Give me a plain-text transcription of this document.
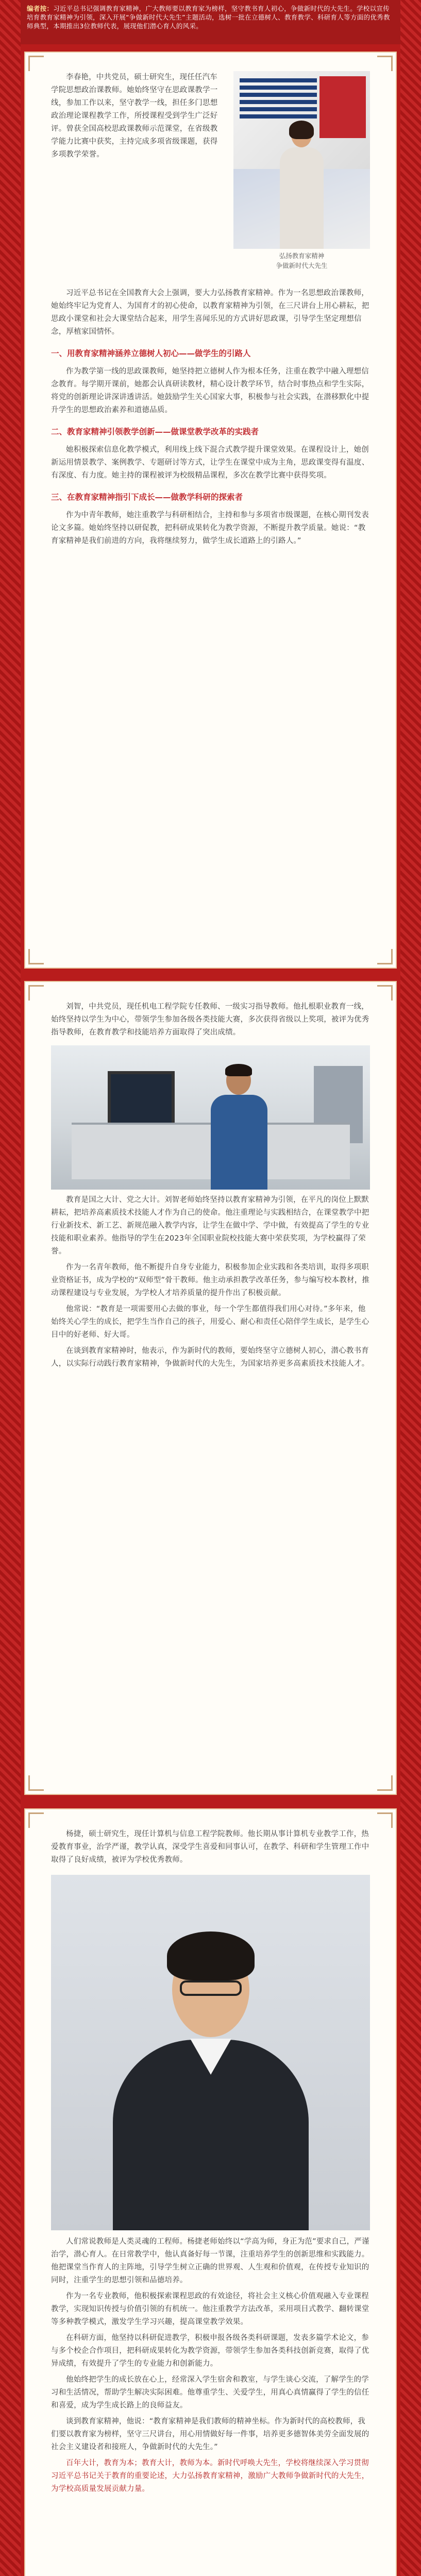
编者按：习近平总书记强调教育家精神，广大教师要以教育家为榜样，坚守教书育人初心，争做新时代的大先生。学校以宣传培育教育家精神为引领，深入开展“争做新时代大先生”主题活动，选树一批在立德树人、教育教学、科研育人等方面的优秀教师典型，本期推出3位教师代表，展现他们潜心育人的风采。

李春艳，中共党员，硕士研究生，现任任汽车学院思想政治课教师。她始终坚守在思政课教学一线，参加工作以来，坚守教学一线，担任多门思想政治理论课程教学工作，所授课程受到学生广泛好评。曾获全国高校思政课教师示范课堂，在省级教学能力比赛中获奖，主持完成多项省级课题，获得多项教学荣誉。

弘扬教育家精神
争做新时代大先生

习近平总书记在全国教育大会上强调，要大力弘扬教育家精神。作为一名思想政治课教师，她始终牢记为党育人、为国育才的初心使命，以教育家精神为引领，在三尺讲台上用心耕耘，把思政小课堂和社会大课堂结合起来，用学生喜闻乐见的方式讲好思政课，引导学生坚定理想信念，厚植家国情怀。

一、用教育家精神涵养立德树人初心——做学生的引路人

作为教学第一线的思政课教师，她坚持把立德树人作为根本任务，注重在教学中融入理想信念教育。每学期开课前，她都会认真研读教材，精心设计教学环节，结合时事热点和学生实际，将党的创新理论讲深讲透讲活。她鼓励学生关心国家大事，积极参与社会实践，在潜移默化中提升学生的思想政治素养和道德品质。

二、教育家精神引领教学创新——做课堂教学改革的实践者

她积极探索信息化教学模式，利用线上线下混合式教学提升课堂效果。在课程设计上，她创新运用情景教学、案例教学、专题研讨等方式，让学生在课堂中成为主角，思政课变得有温度、有深度、有力度。她主持的课程被评为校级精品课程，多次在教学比赛中获得奖项。

三、在教育家精神指引下成长——做教学科研的探索者

作为中青年教师，她注重教学与科研相结合，主持和参与多项省市级课题，在核心期刊发表论文多篇。她始终坚持以研促教，把科研成果转化为教学资源，不断提升教学质量。她说：“教育家精神是我们前进的方向，我将继续努力，做学生成长道路上的引路人。”

刘智，中共党员，现任机电工程学院专任教师、一级实习指导教师。他扎根职业教育一线，始终坚持以学生为中心，带领学生参加各级各类技能大赛，多次获得省级以上奖项，被评为优秀指导教师，在教育教学和技能培养方面取得了突出成绩。

教育是国之大计、党之大计。刘智老师始终坚持以教育家精神为引领，在平凡的岗位上默默耕耘，把培养高素质技术技能人才作为自己的使命。他注重理论与实践相结合，在课堂教学中把行业新技术、新工艺、新规范融入教学内容，让学生在做中学、学中做，有效提高了学生的专业技能和职业素养。他指导的学生在2023年全国职业院校技能大赛中荣获奖项，为学校赢得了荣誉。

作为一名青年教师，他不断提升自身专业能力，积极参加企业实践和各类培训，取得多项职业资格证书，成为学校的“双师型”骨干教师。他主动承担教学改革任务，参与编写校本教材，推动课程建设与专业发展，为学校人才培养质量的提升作出了积极贡献。

他常说：“教育是一项需要用心去做的事业，每一个学生都值得我们用心对待。”多年来，他始终关心学生的成长，把学生当作自己的孩子，用爱心、耐心和责任心陪伴学生成长，是学生心目中的好老师、好大哥。

在谈到教育家精神时，他表示，作为新时代的教师，要始终坚守立德树人初心，潜心教书育人，以实际行动践行教育家精神，争做新时代的大先生，为国家培养更多高素质技术技能人才。

杨捷，硕士研究生，现任计算机与信息工程学院教师。他长期从事计算机专业教学工作，热爱教育事业，治学严谨，教学认真，深受学生喜爱和同事认可，在教学、科研和学生管理工作中取得了良好成绩，被评为学校优秀教师。

人们常说教师是人类灵魂的工程师。杨捷老师始终以“学高为师，身正为范”要求自己，严谨治学，潜心育人。在日常教学中，他认真备好每一节课，注重培养学生的创新思维和实践能力。他把课堂当作育人的主阵地，引导学生树立正确的世界观、人生观和价值观，在传授专业知识的同时，注重学生的思想引领和品德培养。

作为一名专业教师，他积极探索课程思政的有效途径，将社会主义核心价值观融入专业课程教学，实现知识传授与价值引领的有机统一。他注重教学方法改革，采用项目式教学、翻转课堂等多种教学模式，激发学生学习兴趣，提高课堂教学效果。

在科研方面，他坚持以科研促进教学，积极申报各级各类科研课题，发表多篇学术论文，参与多个校企合作项目，把科研成果转化为教学资源，带领学生参加各类科技创新竞赛，取得了优异成绩，有效提升了学生的专业能力和创新能力。

他始终把学生的成长放在心上，经常深入学生宿舍和教室，与学生谈心交流，了解学生的学习和生活情况，帮助学生解决实际困难。他尊重学生、关爱学生，用真心真情赢得了学生的信任和喜爱，成为学生成长路上的良师益友。

谈到教育家精神，他说：“教育家精神是我们教师的精神坐标。作为新时代的高校教师，我们要以教育家为榜样，坚守三尺讲台，用心用情做好每一件事，培养更多德智体美劳全面发展的社会主义建设者和接班人，争做新时代的大先生。”

百年大计，教育为本；教育大计，教师为本。新时代呼唤大先生，学校将继续深入学习贯彻习近平总书记关于教育的重要论述，大力弘扬教育家精神，激励广大教师争做新时代的大先生，为学校高质量发展贡献力量。
